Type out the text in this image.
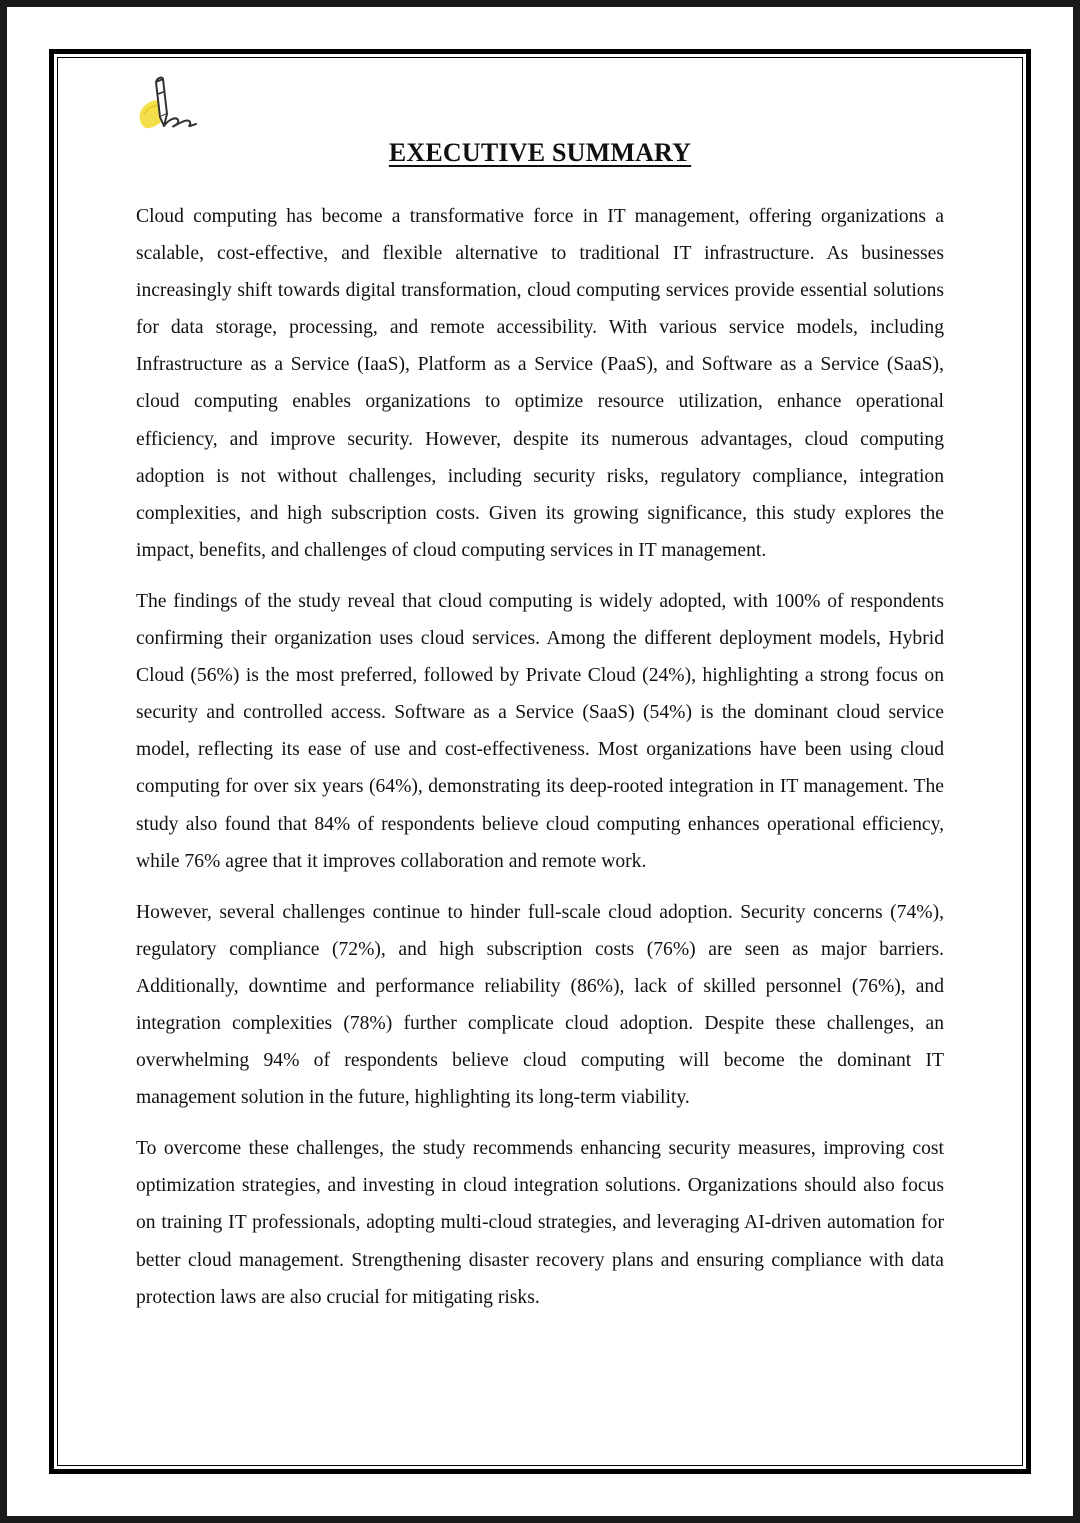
EXECUTIVE SUMMARY

Cloud computing has become a transformative force in IT management, offering organizations a scalable, cost-effective, and flexible alternative to traditional IT infrastructure. As businesses increasingly shift towards digital transformation, cloud computing services provide essential solutions for data storage, processing, and remote accessibility. With various service models, including Infrastructure as a Service (IaaS), Platform as a Service (PaaS), and Software as a Service (SaaS), cloud computing enables organizations to optimize resource utilization, enhance operational efficiency, and improve security. However, despite its numerous advantages, cloud computing adoption is not without challenges, including security risks, regulatory compliance, integration complexities, and high subscription costs. Given its growing significance, this study explores the impact, benefits, and challenges of cloud computing services in IT management.

The findings of the study reveal that cloud computing is widely adopted, with 100% of respondents confirming their organization uses cloud services. Among the different deployment models, Hybrid Cloud (56%) is the most preferred, followed by Private Cloud (24%), highlighting a strong focus on security and controlled access. Software as a Service (SaaS) (54%) is the dominant cloud service model, reflecting its ease of use and cost-effectiveness. Most organizations have been using cloud computing for over six years (64%), demonstrating its deep-rooted integration in IT management. The study also found that 84% of respondents believe cloud computing enhances operational efficiency, while 76% agree that it improves collaboration and remote work.

However, several challenges continue to hinder full-scale cloud adoption. Security concerns (74%), regulatory compliance (72%), and high subscription costs (76%) are seen as major barriers. Additionally, downtime and performance reliability (86%), lack of skilled personnel (76%), and integration complexities (78%) further complicate cloud adoption. Despite these challenges, an overwhelming 94% of respondents believe cloud computing will become the dominant IT management solution in the future, highlighting its long-term viability.

To overcome these challenges, the study recommends enhancing security measures, improving cost optimization strategies, and investing in cloud integration solutions. Organizations should also focus on training IT professionals, adopting multi-cloud strategies, and leveraging AI-driven automation for better cloud management. Strengthening disaster recovery plans and ensuring compliance with data protection laws are also crucial for mitigating risks.
